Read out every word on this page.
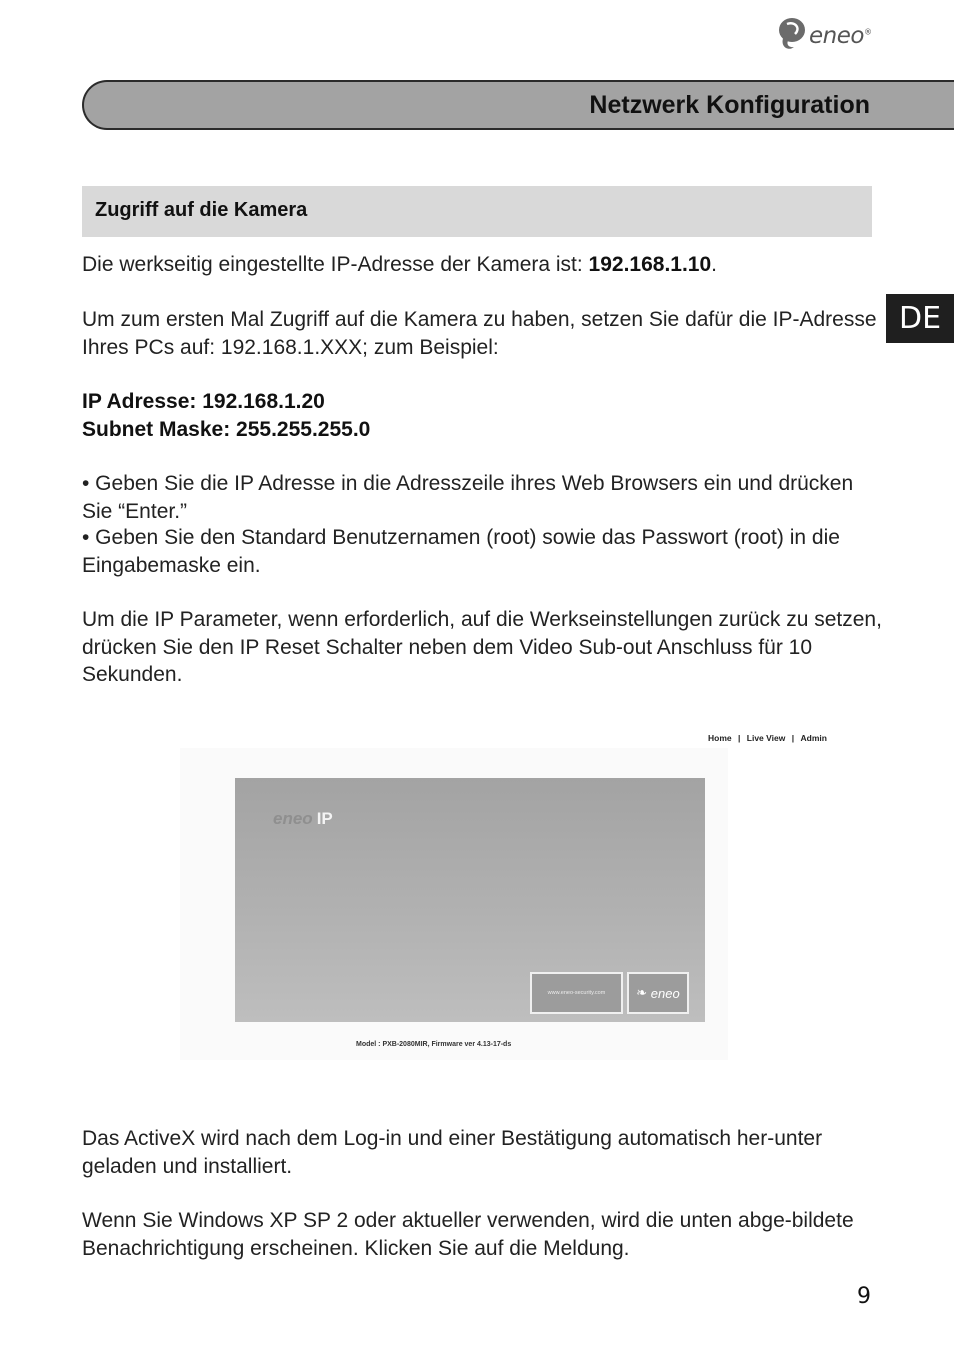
eneo®
Netzwerk Konfiguration
Zugriff auf die Kamera
DE
Die werkseitig eingestellte IP-Adresse der Kamera ist: 192.168.1.10.
Um zum ersten Mal Zugriff auf die Kamera zu haben, setzen Sie dafür die IP-Adresse Ihres PCs auf: 192.168.1.XXX; zum Beispiel:
IP Adresse: 192.168.1.20
Subnet Maske: 255.255.255.0
• Geben Sie die IP Adresse in die Adresszeile ihres Web Browsers ein und drücken Sie “Enter.”
• Geben Sie den Standard Benutzernamen (root) sowie das Passwort (root) in die Eingabemaske ein.
Um die IP Parameter, wenn erforderlich, auf die Werkseinstellungen zurück zu setzen, drücken Sie den IP Reset Schalter neben dem Video Sub-out Anschluss für 10 Sekunden.
Home | Live View | Admin
eneo IP
www.eneo-security.com	❧
eneo
Model : PXB-2080MIR, Firmware ver 4.13-17-ds
Das ActiveX wird nach dem Log-in und einer Bestätigung automatisch her-unter geladen und installiert.
Wenn Sie Windows XP SP 2 oder aktueller verwenden, wird die unten abge-bildete Benachrichtigung erscheinen. Klicken Sie auf die Meldung.
9
